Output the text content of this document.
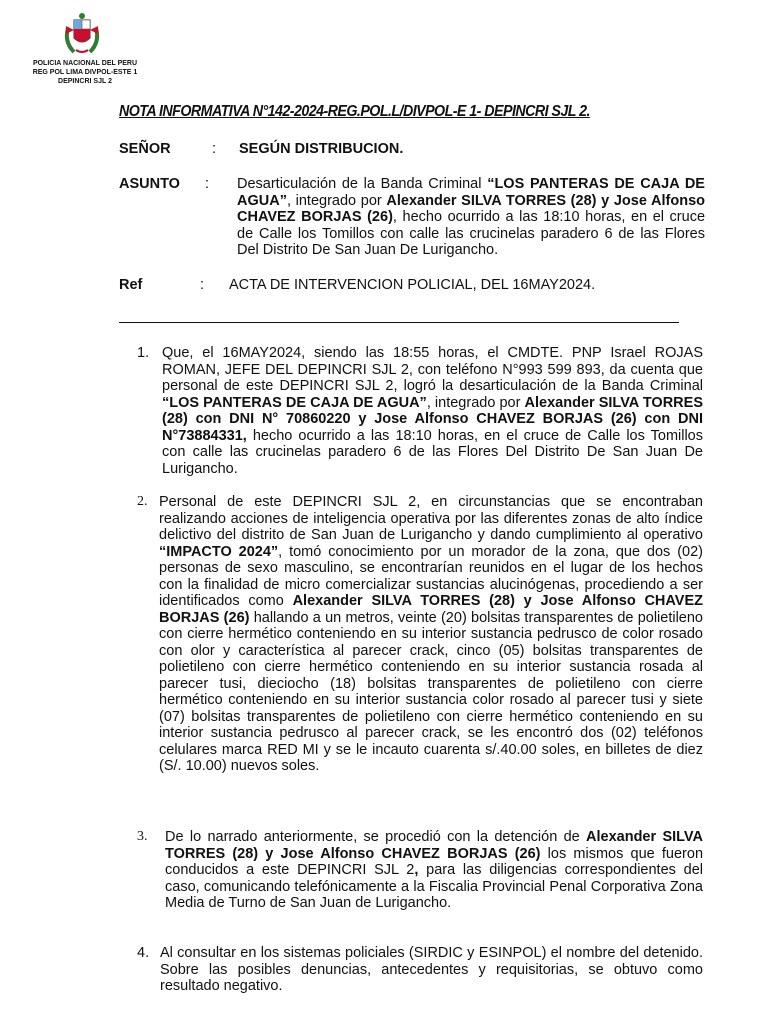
POLICIA NACIONAL DEL PERU
REG POL LIMA DIVPOL-ESTE 1
DEPINCRI SJL 2
NOTA INFORMATIVA N°142-2024-REG.POL.L/DIVPOL-E 1- DEPINCRI SJL 2.
SEÑOR	: SEGÚN DISTRIBUCION.
ASUNTO : Desarticulación de la Banda Criminal “LOS PANTERAS DE CAJA DE AGUA”, integrado por Alexander SILVA TORRES (28) y Jose Alfonso CHAVEZ BORJAS (26), hecho ocurrido a las 18:10 horas, en el cruce de Calle los Tomillos con calle las crucinelas paradero 6 de las Flores Del Distrito De San Juan De Lurigancho.
Ref	: ACTA DE INTERVENCION POLICIAL, DEL 16MAY2024.
1. Que, el 16MAY2024, siendo las 18:55 horas, el CMDTE. PNP Israel ROJAS ROMAN, JEFE DEL DEPINCRI SJL 2, con teléfono N°993 599 893, da cuenta que personal de este DEPINCRI SJL 2, logró la desarticulación de la Banda Criminal “LOS PANTERAS DE CAJA DE AGUA”, integrado por Alexander SILVA TORRES (28) con DNI N° 70860220 y Jose Alfonso CHAVEZ BORJAS (26) con DNI N°73884331, hecho ocurrido a las 18:10 horas, en el cruce de Calle los Tomillos con calle las crucinelas paradero 6 de las Flores Del Distrito De San Juan De Lurigancho.
2. Personal de este DEPINCRI SJL 2, en circunstancias que se encontraban realizando acciones de inteligencia operativa por las diferentes zonas de alto índice delictivo del distrito de San Juan de Lurigancho y dando cumplimiento al operativo “IMPACTO 2024”, tomó conocimiento por un morador de la zona, que dos (02) personas de sexo masculino, se encontrarían reunidos en el lugar de los hechos con la finalidad de micro comercializar sustancias alucinógenas, procediendo a ser identificados como Alexander SILVA TORRES (28) y Jose Alfonso CHAVEZ BORJAS (26) hallando a un metros, veinte (20) bolsitas transparentes de polietileno con cierre hermético conteniendo en su interior sustancia pedrusco de color rosado con olor y característica al parecer crack, cinco (05) bolsitas transparentes de polietileno con cierre hermético conteniendo en su interior sustancia rosada al parecer tusi, dieciocho (18) bolsitas transparentes de polietileno con cierre hermético conteniendo en su interior sustancia color rosado al parecer tusi y siete (07) bolsitas transparentes de polietileno con cierre hermético conteniendo en su interior sustancia pedrusco al parecer crack, se les encontró dos (02) teléfonos celulares marca RED MI y se le incauto cuarenta s/.40.00 soles, en billetes de diez (S/. 10.00) nuevos soles.
3. De lo narrado anteriormente, se procedió con la detención de Alexander SILVA TORRES (28) y Jose Alfonso CHAVEZ BORJAS (26) los mismos que fueron conducidos a este DEPINCRI SJL 2, para las diligencias correspondientes del caso, comunicando telefónicamente a la Fiscalia Provincial Penal Corporativa Zona Media de Turno de San Juan de Lurigancho.
4. Al consultar en los sistemas policiales (SIRDIC y ESINPOL) el nombre del detenido. Sobre las posibles denuncias, antecedentes y requisitorias, se obtuvo como resultado negativo.
